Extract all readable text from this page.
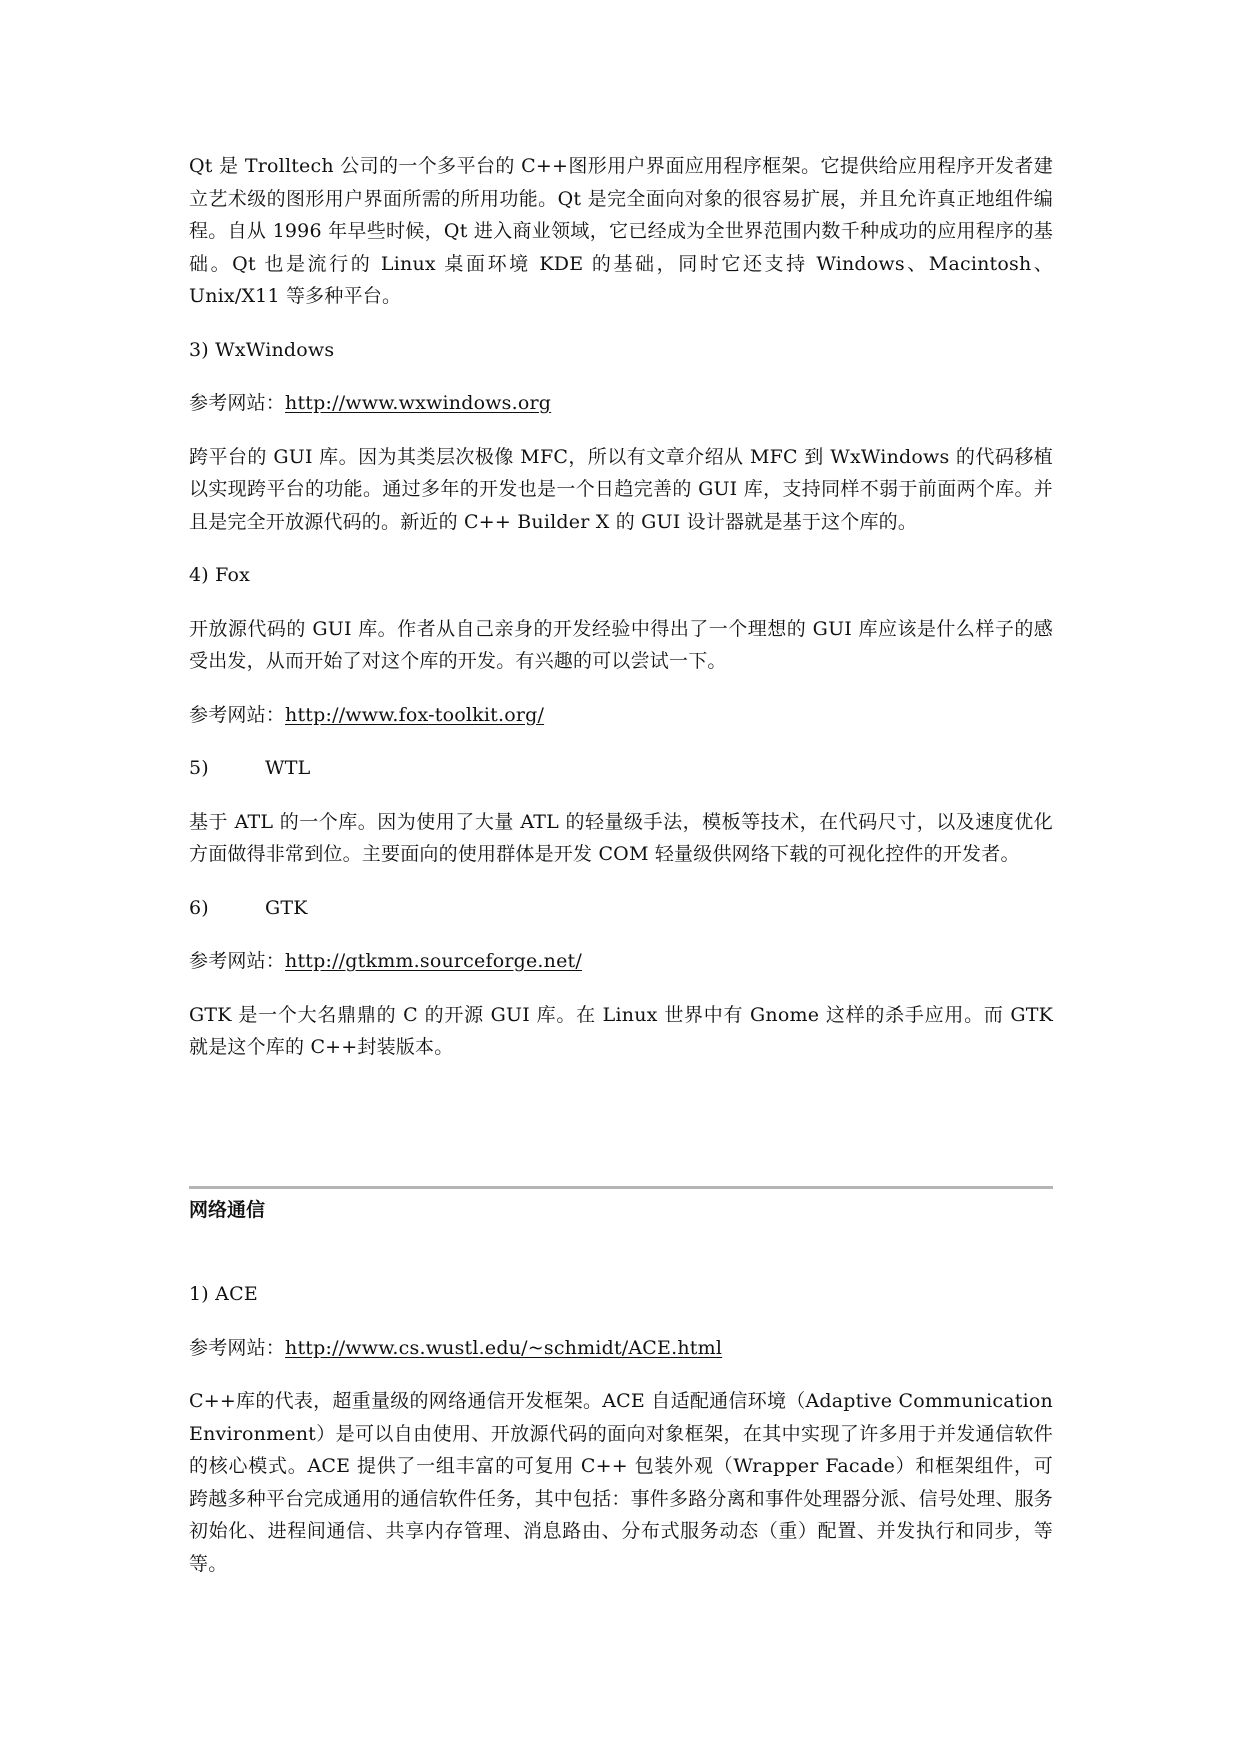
Qt 是 Trolltech 公司的一个多平台的 C++图形用户界面应用程序框架。它提供给应用程序开发者建立艺术级的图形用户界面所需的所用功能。Qt 是完全面向对象的很容易扩展，并且允许真正地组件编程。自从 1996 年早些时候，Qt 进入商业领域，它已经成为全世界范围内数千种成功的应用程序的基础。Qt 也是流行的 Linux 桌面环境 KDE 的基础，同时它还支持 Windows、Macintosh、Unix/X11 等多种平台。

3)
WxWindows

参考网站：http://www.wxwindows.org

跨平台的 GUI 库。因为其类层次极像 MFC，所以有文章介绍从 MFC 到 WxWindows 的代码移植以实现跨平台的功能。通过多年的开发也是一个日趋完善的 GUI 库，支持同样不弱于前面两个库。并且是完全开放源代码的。新近的 C++ Builder X 的 GUI 设计器就是基于这个库的。

4)
Fox

开放源代码的 GUI 库。作者从自己亲身的开发经验中得出了一个理想的 GUI 库应该是什么样子的感受出发，从而开始了对这个库的开发。有兴趣的可以尝试一下。

参考网站：http://www.fox-toolkit.org/

5)	WTL

基于 ATL 的一个库。因为使用了大量 ATL 的轻量级手法，模板等技术，在代码尺寸，以及速度优化方面做得非常到位。主要面向的使用群体是开发 COM 轻量级供网络下载的可视化控件的开发者。

6)	GTK

参考网站：http://gtkmm.sourceforge.net/

GTK 是一个大名鼎鼎的 C 的开源 GUI 库。在 Linux 世界中有 Gnome 这样的杀手应用。而 GTK 就是这个库的 C++封装版本。

网络通信

1)
ACE

参考网站：http://www.cs.wustl.edu/~schmidt/ACE.html

C++库的代表，超重量级的网络通信开发框架。ACE 自适配通信环境（Adaptive Communication Environment）是可以自由使用、开放源代码的面向对象框架，在其中实现了许多用于并发通信软件的核心模式。ACE 提供了一组丰富的可复用 C++ 包装外观（Wrapper Facade）和框架组件，可跨越多种平台完成通用的通信软件任务，其中包括：事件多路分离和事件处理器分派、信号处理、服务初始化、进程间通信、共享内存管理、消息路由、分布式服务动态（重）配置、并发执行和同步，等等。
